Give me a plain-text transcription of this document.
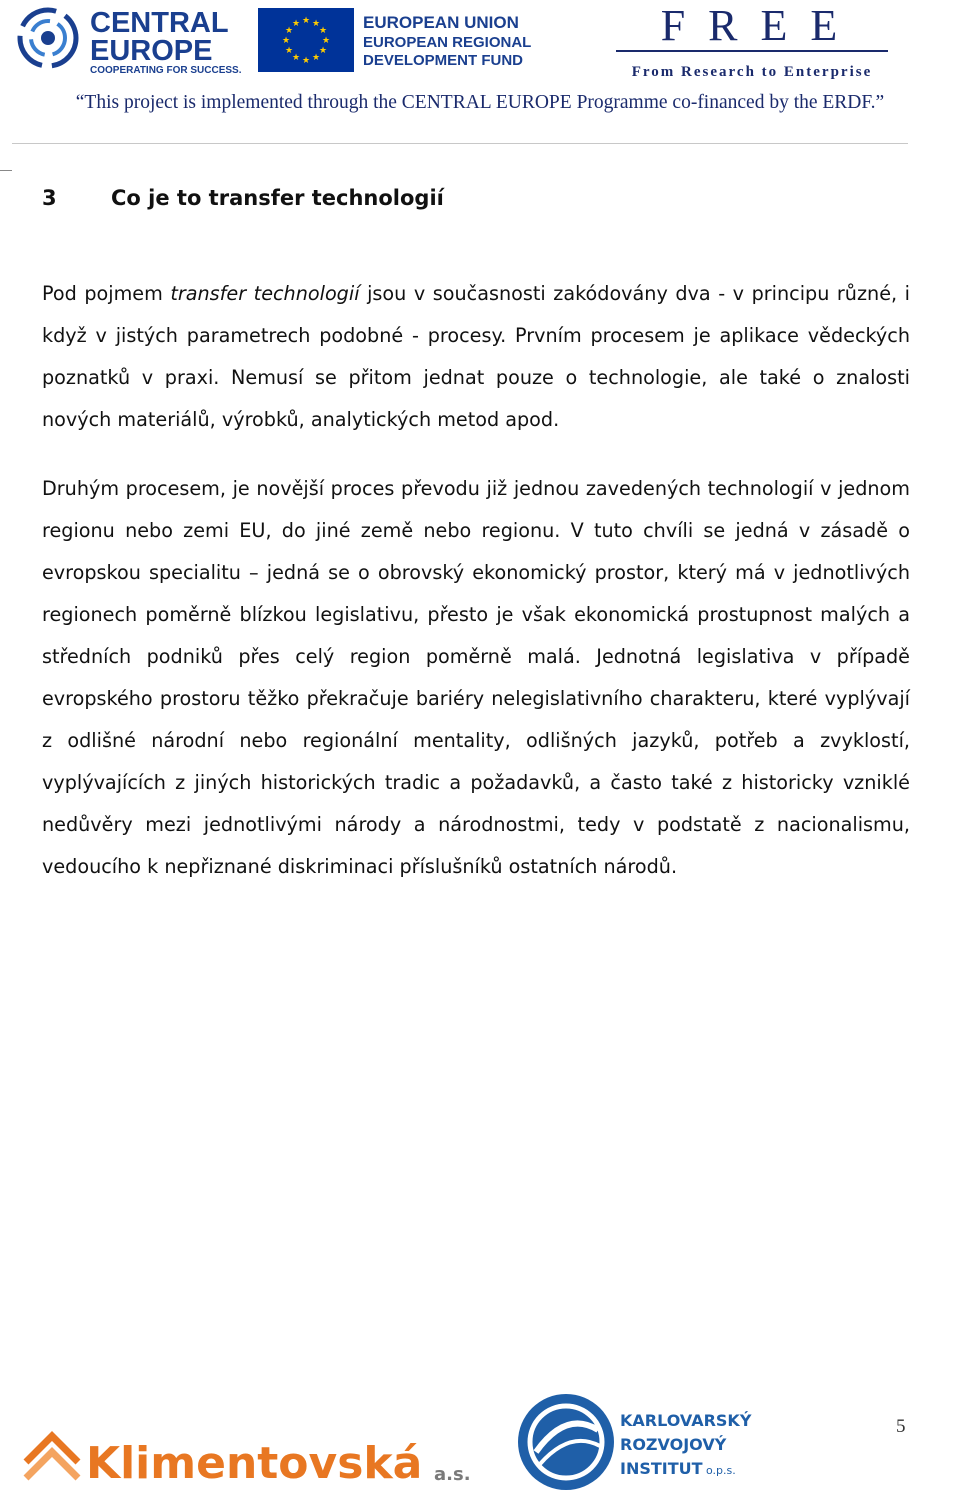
CENTRAL
EUROPE
COOPERATING FOR SUCCESS.
★ ★
★
★
★
★
★
★
★
★
★
★	EUROPEAN UNION
EUROPEAN REGIONAL
DEVELOPMENT FUND
F R E E
From Research to Enterprise
“This project is implemented through the CENTRAL EUROPE Programme co-financed by the ERDF.”
3	Co je to transfer technologií
Pod pojmem transfer technologií jsou v současnosti zakódovány dva - v principu různé, i když v jistých parametrech podobné - procesy. Prvním procesem je aplikace vědeckých poznatků v praxi. Nemusí se přitom jednat pouze o technologie, ale také o znalosti nových materiálů, výrobků, analytických metod apod.
Druhým procesem, je novější proces převodu již jednou zavedených technologií v jednom regionu nebo zemi EU, do jiné země nebo regionu. V tuto chvíli se jedná v zásadě o evropskou specialitu – jedná se o obrovský ekonomický prostor, který má v jednotlivých regionech poměrně blízkou legislativu, přesto je však ekonomická prostupnost malých a středních podniků přes celý region poměrně malá. Jednotná legislativa v případě evropského prostoru těžko překračuje bariéry nelegislativního charakteru, které vyplývají z odlišné národní nebo regionální mentality, odlišných jazyků, potřeb a zvyklostí, vyplývajících z jiných historických tradic a požadavků, a často také z historicky vzniklé nedůvěry mezi jednotlivými národy a národnostmi, tedy v podstatě z nacionalismu, vedoucího k nepřiznané diskriminaci příslušníků ostatních národů.
5
Klimentovská a.s.
KARLOVARSKÝ
ROZVOJOVÝ
INSTITUT o.p.s.
